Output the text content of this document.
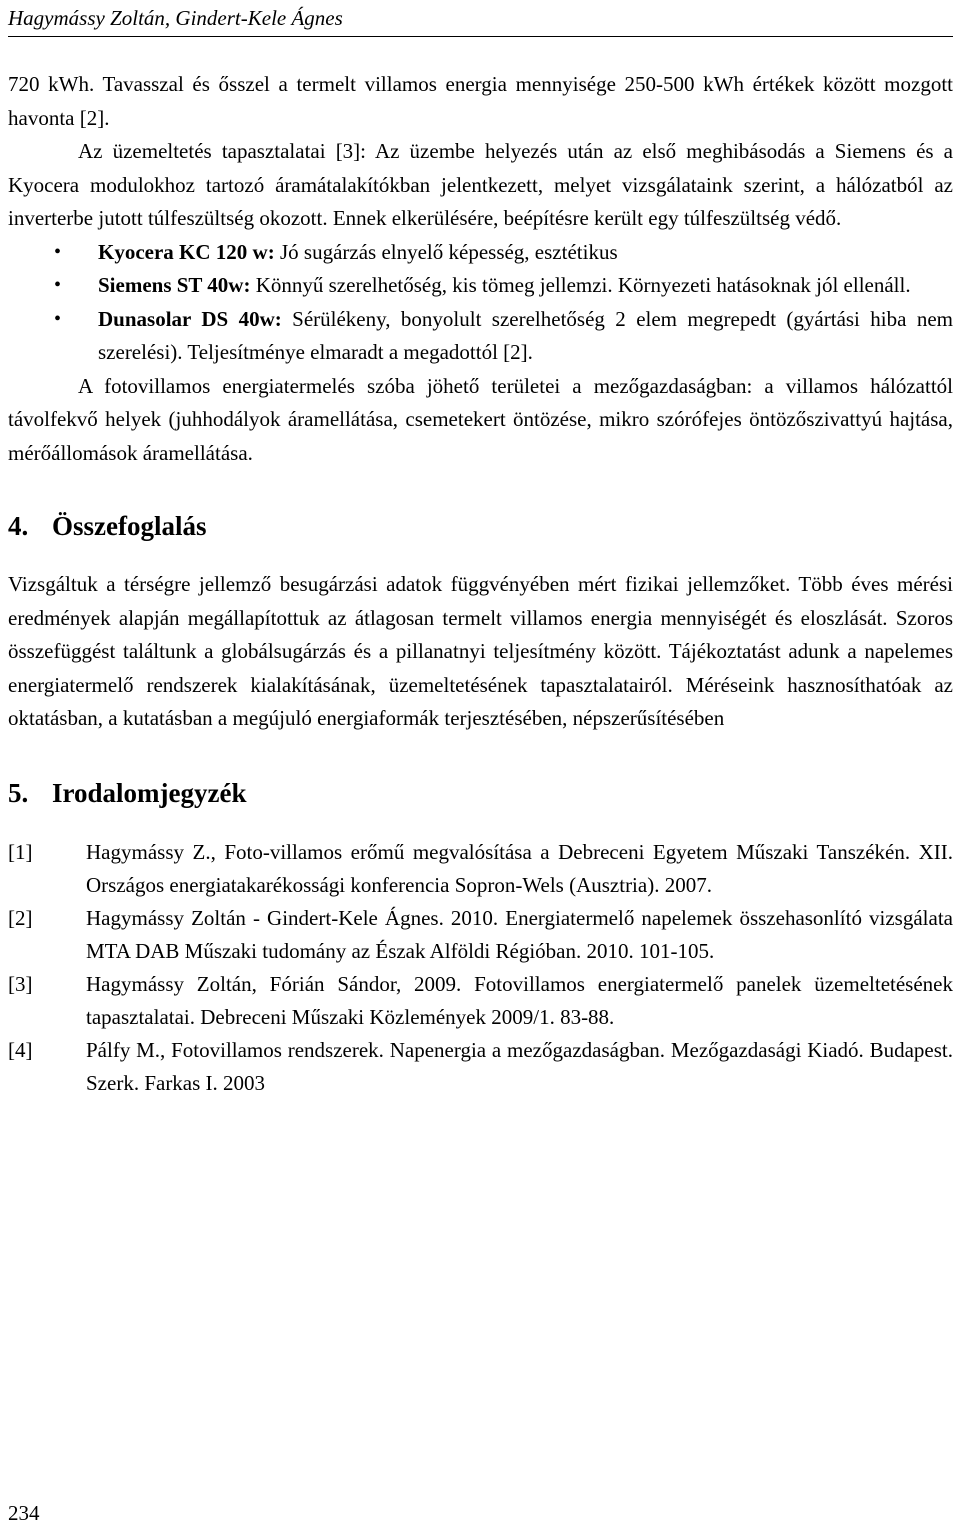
Hagymássy Zoltán, Gindert-Kele Ágnes

720 kWh. Tavasszal és ősszel a termelt villamos energia mennyisége 250-500 kWh értékek között mozgott havonta [2].

Az üzemeltetés tapasztalatai [3]: Az üzembe helyezés után az első meghibásodás a Siemens és a Kyocera modulokhoz tartozó áramátalakítókban jelentkezett, melyet vizsgálataink szerint, a hálózatból az inverterbe jutott túlfeszültség okozott. Ennek elkerülésére, beépítésre került egy túlfeszültség védő.

• Kyocera KC 120 w: Jó sugárzás elnyelő képesség, esztétikus
• Siemens ST 40w: Könnyű szerelhetőség, kis tömeg jellemzi. Környezeti hatásoknak jól ellenáll.
• Dunasolar DS 40w: Sérülékeny, bonyolult szerelhetőség 2 elem megrepedt (gyártási hiba nem szerelési). Teljesítménye elmaradt a megadottól [2].

A fotovillamos energiatermelés szóba jöhető területei a mezőgazdaságban: a villamos hálózattól távolfekvő helyek (juhhodályok áramellátása, csemetekert öntözése, mikro szórófejes öntözőszivattyú hajtása, mérőállomások áramellátása.

4. Összefoglalás

Vizsgáltuk a térségre jellemző besugárzási adatok függvényében mért fizikai jellemzőket. Több éves mérési eredmények alapján megállapítottuk az átlagosan termelt villamos energia mennyiségét és eloszlását. Szoros összefüggést találtunk a globálsugárzás és a pillanatnyi teljesítmény között. Tájékoztatást adunk a napelemes energiatermelő rendszerek kialakításának, üzemeltetésének tapasztalatairól. Méréseink hasznosíthatóak az oktatásban, a kutatásban a megújuló energiaformák terjesztésében, népszerűsítésében

5. Irodalomjegyzék
[1]	Hagymássy Z., Foto-villamos erőmű megvalósítása a Debreceni Egyetem Műszaki Tanszékén. XII. Országos energiatakarékossági konferencia Sopron-Wels (Ausztria). 2007.
[2]	Hagymássy Zoltán - Gindert-Kele Ágnes. 2010. Energiatermelő napelemek összehasonlító vizsgálata MTA DAB Műszaki tudomány az Észak Alföldi Régióban. 2010. 101-105.
[3]	Hagymássy Zoltán, Fórián Sándor, 2009. Fotovillamos energiatermelő panelek üzemeltetésének tapasztalatai. Debreceni Műszaki Közlemények 2009/1. 83-88.
[4]	Pálfy M., Fotovillamos rendszerek. Napenergia a mezőgazdaságban. Mezőgazdasági Kiadó. Budapest. Szerk. Farkas I. 2003
234
